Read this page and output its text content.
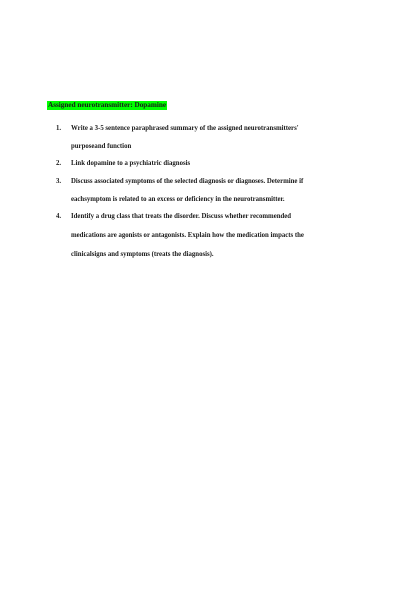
Assigned neurotransmitter: Dopamine
1.	Write a 3-5 sentence paraphrased summary of the assigned neurotransmitters'
purposeand function
2.	Link dopamine to a psychiatric diagnosis
3.	Discuss associated symptoms of the selected diagnosis or diagnoses. Determine if
eachsymptom is related to an excess or deficiency in the neurotransmitter.
4.	Identify a drug class that treats the disorder. Discuss whether recommended
medications are agonists or antagonists. Explain how the medication impacts the
clinicalsigns and symptoms (treats the diagnosis).
